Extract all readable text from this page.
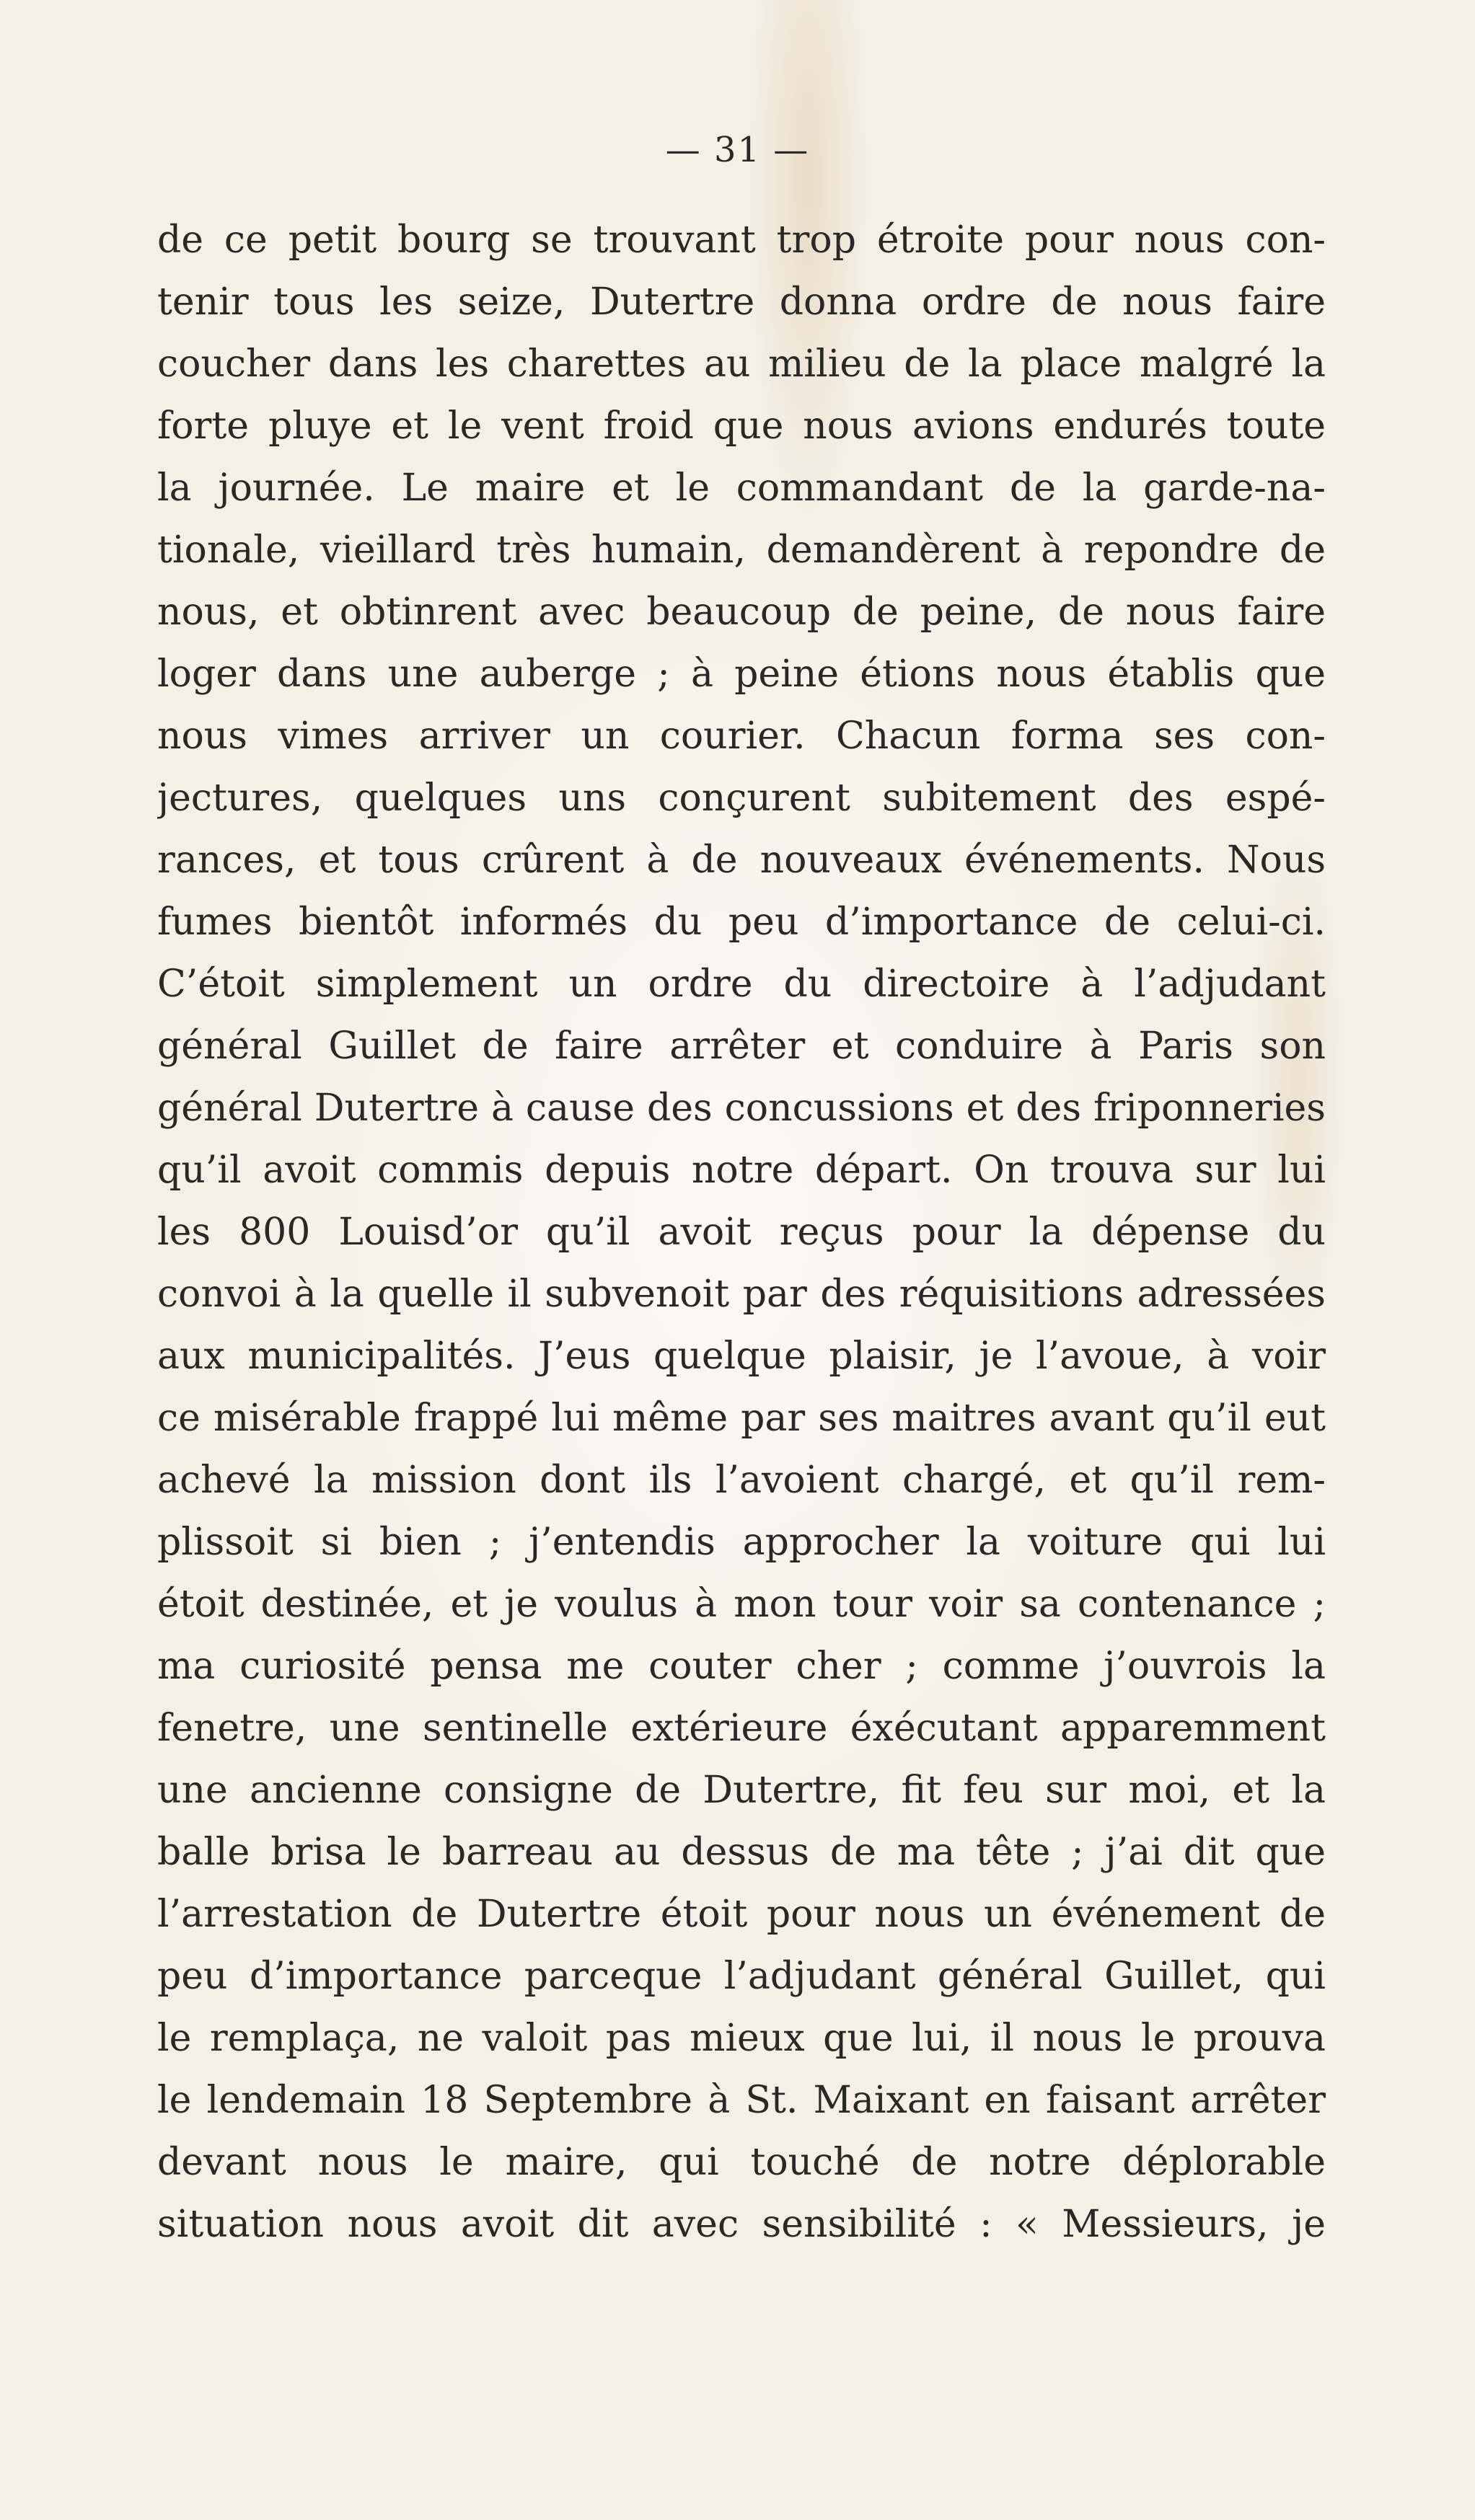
— 31 —
de ce petit bourg se trouvant trop étroite pour nous con-
tenir tous les seize, Dutertre donna ordre de nous faire
coucher dans les charettes au milieu de la place malgré la
forte pluye et le vent froid que nous avions endurés toute
la journée. Le maire et le commandant de la garde-na-
tionale, vieillard très humain, demandèrent à repondre de
nous, et obtinrent avec beaucoup de peine, de nous faire
loger dans une auberge ; à peine étions nous établis que
nous vimes arriver un courier. Chacun forma ses con-
jectures, quelques uns conçurent subitement des espé-
rances, et tous crûrent à de nouveaux événements. Nous
fumes bientôt informés du peu d’importance de celui-ci.
C’étoit simplement un ordre du directoire à l’adjudant
général Guillet de faire arrêter et conduire à Paris son
général Dutertre à cause des concussions et des friponneries
qu’il avoit commis depuis notre départ. On trouva sur lui
les 800 Louisd’or qu’il avoit reçus pour la dépense du
convoi à la quelle il subvenoit par des réquisitions adressées
aux municipalités. J’eus quelque plaisir, je l’avoue, à voir
ce misérable frappé lui même par ses maitres avant qu’il eut
achevé la mission dont ils l’avoient chargé, et qu’il rem-
plissoit si bien ; j’entendis approcher la voiture qui lui
étoit destinée, et je voulus à mon tour voir sa contenance ;
ma curiosité pensa me couter cher ; comme j’ouvrois la
fenetre, une sentinelle extérieure éxécutant apparemment
une ancienne consigne de Dutertre, fit feu sur moi, et la
balle brisa le barreau au dessus de ma tête ; j’ai dit que
l’arrestation de Dutertre étoit pour nous un événement de
peu d’importance parceque l’adjudant général Guillet, qui
le remplaça, ne valoit pas mieux que lui, il nous le prouva
le lendemain 18 Septembre à St. Maixant en faisant arrêter
devant nous le maire, qui touché de notre déplorable
situation nous avoit dit avec sensibilité : « Messieurs, je
